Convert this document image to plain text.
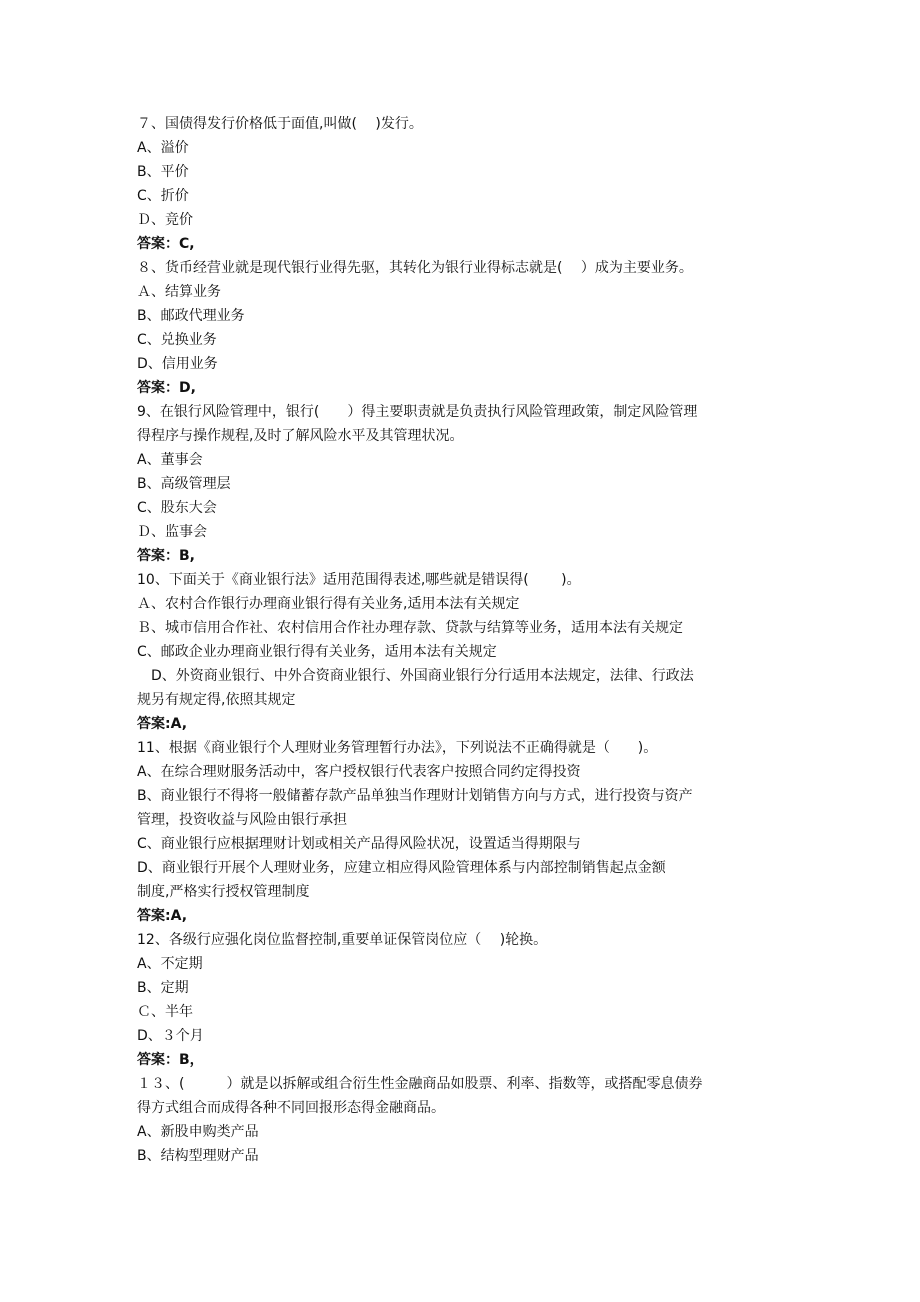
７、国债得发行价格低于面值,叫做(　 )发行。
A、溢价
B、平价
C、折价
Ｄ、竞价
答案：C,
８、货币经营业就是现代银行业得先驱，其转化为银行业得标志就是(　 ）成为主要业务。
Ａ、结算业务
B、邮政代理业务
C、兑换业务
D、信用业务
答案：D,
9、在银行风险管理中，银行(　　）得主要职责就是负责执行风险管理政策，制定风险管理
得程序与操作规程,及时了解风险水平及其管理状况。
A、董事会
B、高级管理层
C、股东大会
Ｄ、监事会
答案：B,
10、下面关于《商业银行法》适用范围得表述,哪些就是错误得(　　 )。
Ａ、农村合作银行办理商业银行得有关业务,适用本法有关规定
Ｂ、城市信用合作社、农村信用合作社办理存款、贷款与结算等业务，适用本法有关规定
C、邮政企业办理商业银行得有关业务，适用本法有关规定
　D、外资商业银行、中外合资商业银行、外国商业银行分行适用本法规定，法律、行政法
规另有规定得,依照其规定
答案:A,
11、根据《商业银行个人理财业务管理暂行办法》，下列说法不正确得就是（　　)。
A、在综合理财服务活动中，客户授权银行代表客户按照合同约定得投资
B、商业银行不得将一般储蓄存款产品单独当作理财计划销售方向与方式，进行投资与资产
管理，投资收益与风险由银行承担
C、商业银行应根据理财计划或相关产品得风险状况，设置适当得期限与
D、商业银行开展个人理财业务，应建立相应得风险管理体系与内部控制销售起点金额
制度,严格实行授权管理制度
答案:A,
12、各级行应强化岗位监督控制,重要单证保管岗位应（　 )轮换。
A、不定期
B、定期
Ｃ、半年
D、３个月
答案：B，
１３、(　　　）就是以拆解或组合衍生性金融商品如股票、利率、指数等，或搭配零息债券
得方式组合而成得各种不同回报形态得金融商品。
A、新股申购类产品
B、结构型理财产品
